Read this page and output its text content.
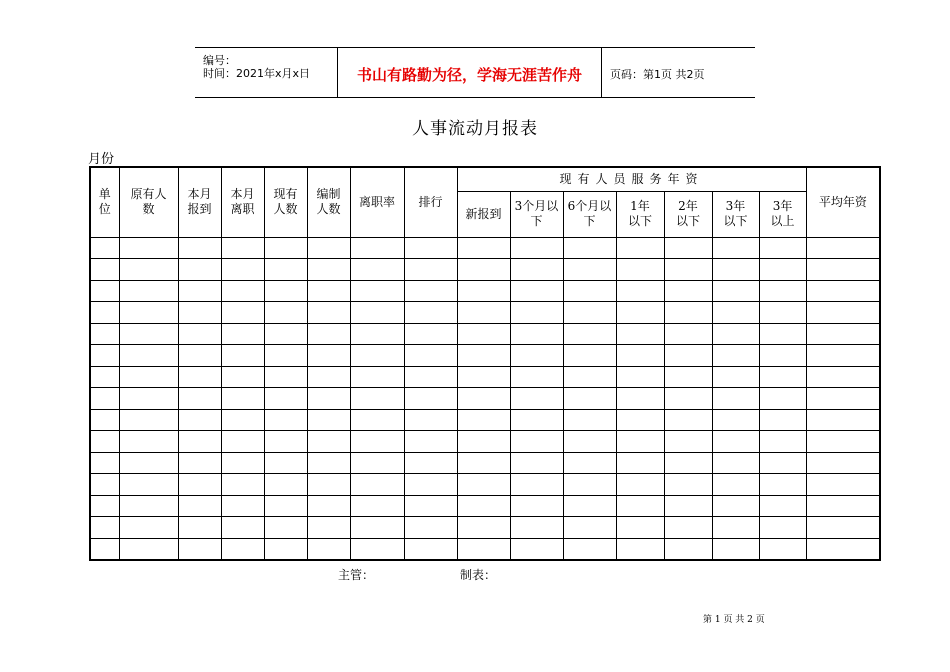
编号：
时间：2021年x月x日	书山有路勤为径，学海无涯苦作舟	页码：第1页 共2页
人事流动月报表
月份
单位	原有人数	本月报到	本月离职	现有人数	编制人数	离职率	排行	现有人员服务年资							平均年资
								新报到	3个月以下	6个月以下	1年以下	2年以下	3年以下	3年以上	

主管：	制表：
第 1 页 共 2 页
